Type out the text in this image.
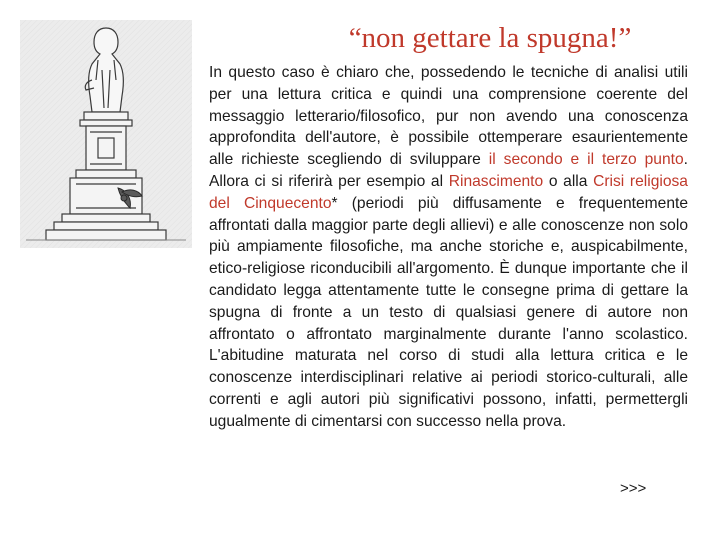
“non gettare la spugna!”
In questo caso è chiaro che, possedendo le tecniche di analisi utili per una lettura critica e quindi una comprensione coerente del messaggio letterario/filosofico, pur non avendo una conoscenza approfondita dell'autore, è possibile ottemperare esaurientemente alle richieste scegliendo di sviluppare il secondo e il terzo punto. Allora ci si riferirà per esempio al Rinascimento o alla Crisi religiosa del Cinquecento* (periodi più diffusamente e frequentemente affrontati dalla maggior parte degli allievi) e alle conoscenze non solo più ampiamente filosofiche, ma anche storiche e, auspicabilmente, etico-religiose riconducibili all'argomento. È dunque importante che il candidato legga attentamente tutte le consegne prima di gettare la spugna di fronte a un testo di qualsiasi genere di autore non affrontato o affrontato marginalmente durante l'anno scolastico. L'abitudine maturata nel corso di studi alla lettura critica e le conoscenze interdisciplinari relative ai periodi storico-culturali, alle correnti e agli autori più significativi possono, infatti, permettergli ugualmente di cimentarsi con successo nella prova.
>>>
